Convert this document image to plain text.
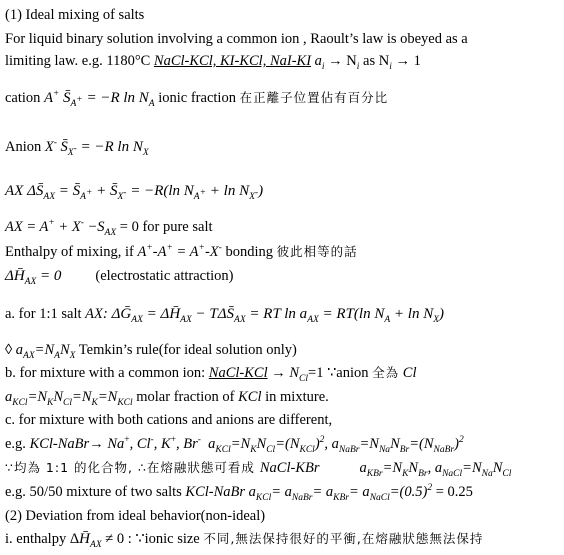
(1) Ideal mixing of salts
For liquid binary solution involving a common ion , Raoult’s law is obeyed as a
limiting law. e.g. 1180°C NaCl-KCl, KI-KCl, NaI-KI $a_i \to N_i$ as $N_i \to 1$
cation A+ $S̄_{A^+} = -R$ $\ln N_A$ ionic fraction 在正離子位置佔有百分比
Anion X- $S̄_{X^-} = -R$ $\ln N_X$
AX $\Delta S̄_{AX}$ = $S̄_{A^+}$ + $S̄_{X^-} = -R(\ln$ $N_{A^+} + \ln N_{X^-}$)
AX = $A^+ + X^- -S_{AX} = 0$ for pure salt
Enthalpy of mixing, if A+-A+ = A+-X- bonding 彼此相等的話
$\Delta H̄_{AX} = 0$ (electrostatic attraction)
a. for 1:1 salt AX: $\Delta Ḡ_{AX}$ = $\Delta H̄_{AX}$ − $T\Delta S̄_{AX}$ = RT $\ln a_{AX} = RT(\ln$ $N_A + \ln N_X$)
◊ $a_{AX}=N_AN_X$ Temkin’s rule(for ideal solution only)
b. for mixture with a common ion: NaCl-KCl → $N_{Cl}=1$ ∵anion 全為 Cl
$a_{KCl}=N_KN_{Cl}=N_K=N_{KCl}$ molar fraction of KCl in mixture.
c. for mixture with both cations and anions are different,
e.g. KCl-NaBr→ Na+, Cl-, K+, Br- $a_{KCl}=N_KN_{Cl}=(N_{KCl})^2$, $a_{NaBr}=N_{Na}N_{Br}=(N_{NaBr})^2$
∵均為 1:1 的化合物, ∴在熔融狀態可看成 NaCl-KBr	$a_{KBr}=N_KN_{Br}$, $a_{NaCl}=N_{Na}N_{Cl}$
e.g. 50/50 mixture of two salts KCl-NaBr $a_{KCl}= a_{NaBr}= a_{KBr}= a_{NaCl}=(0.5)^2 = 0.25$
(2) Deviation from ideal behavior(non-ideal)
i. enthalpy $\Delta H̄_{AX} \ne 0$ : ∵ionic size 不同,無法保持很好的平衝,在熔融狀態無法保持
